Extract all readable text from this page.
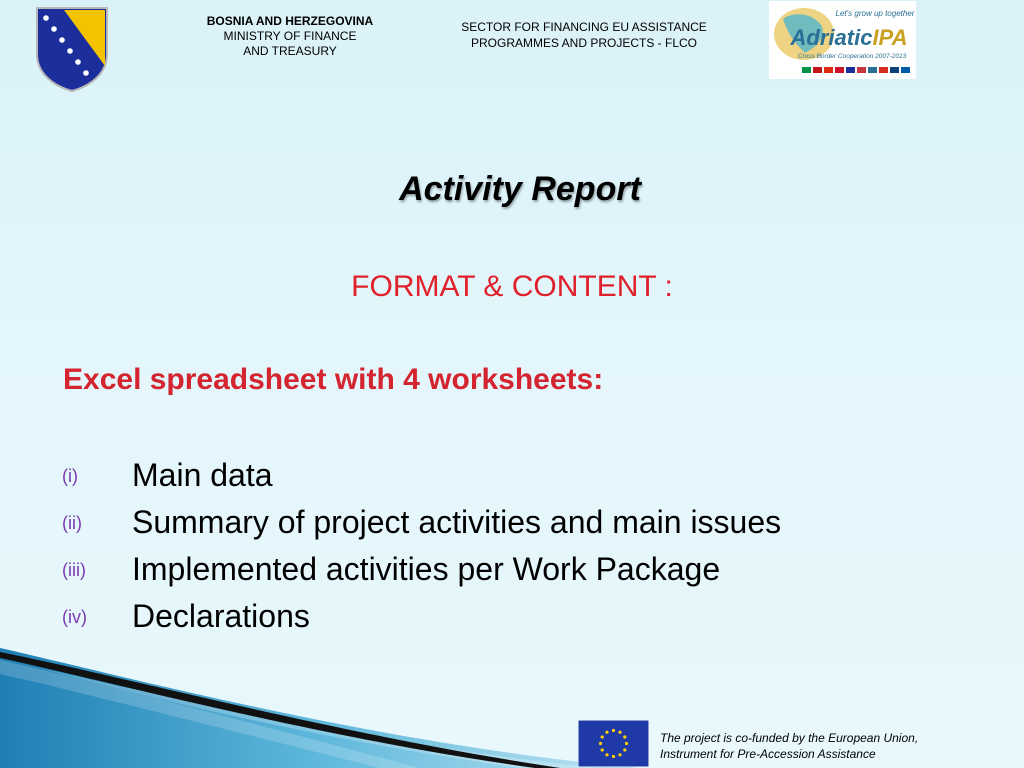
BOSNIA AND HERZEGOVINA
MINISTRY OF FINANCE
AND TREASURY
SECTOR FOR FINANCING EU ASSISTANCE
PROGRAMMES AND PROJECTS - FLCO
Let's grow up together
AdriaticIPA
Cross Border Cooperation 2007-2013
Activity Report
FORMAT & CONTENT :
Excel spreadsheet with 4 worksheets:
(i) Main data
(ii) Summary of project activities and main issues
(iii) Implemented activities per Work Package
(iv) Declarations
The project is co-funded by the European Union,
Instrument for Pre-Accession Assistance
